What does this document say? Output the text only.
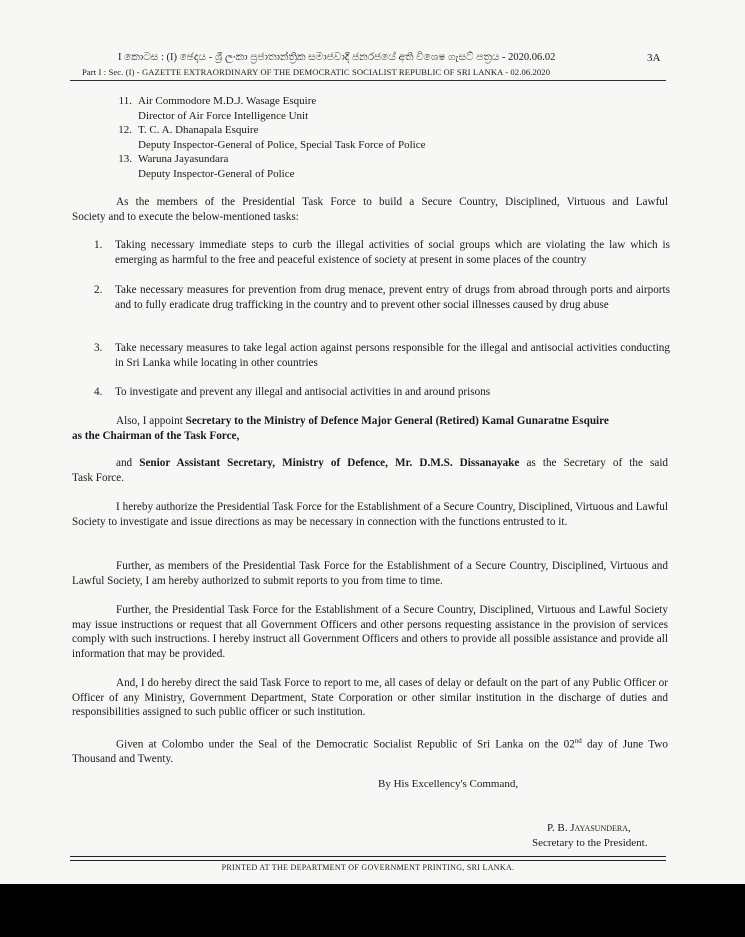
I කොටස : (I) ඡෙදය - ශ්‍රී ලංකා ප්‍රජාතාන්ත්‍රික සමාජවාදී ජනරජයේ අති විශෙෂ ගැසට් පත්‍රය - 2020.06.02	3A
Part I : Sec. (I) - GAZETTE EXTRAORDINARY OF THE DEMOCRATIC SOCIALIST REPUBLIC OF SRI LANKA - 02.06.2020
11. Air Commodore M.D.J. Wasage Esquire
Director of Air Force Intelligence Unit
12. T. C. A. Dhanapala Esquire
Deputy Inspector-General of Police, Special Task Force of Police
13. Waruna Jayasundara
Deputy Inspector-General of Police
As the members of the Presidential Task Force to build a Secure Country, Disciplined, Virtuous and Lawful
Society and to execute the below-mentioned tasks:
1. Taking necessary immediate steps to curb the illegal activities of social groups which are violating the law which is emerging as harmful to the free and peaceful existence of society at present in some places of the country
2. Take necessary measures for prevention from drug menace, prevent entry of drugs from abroad through ports and airports and to fully eradicate drug trafficking in the country and to prevent other social illnesses caused by drug abuse
3. Take necessary measures to take legal action against persons responsible for the illegal and antisocial activities conducting in Sri Lanka while locating in other countries
4. To investigate and prevent any illegal and antisocial activities in and around prisons
Also, I appoint Secretary to the Ministry of Defence Major General (Retired) Kamal Gunaratne Esquire
as the Chairman of the Task Force,
and Senior Assistant Secretary, Ministry of Defence, Mr. D.M.S. Dissanayake as the Secretary of the said
Task Force.
I hereby authorize the Presidential Task Force for the Establishment of a Secure Country, Disciplined, Virtuous and Lawful Society to investigate and issue directions as may be necessary in connection with the functions entrusted to it.
Further, as members of the Presidential Task Force for the Establishment of a Secure Country, Disciplined, Virtuous and Lawful Society, I am hereby authorized to submit reports to you from time to time.
Further, the Presidential Task Force for the Establishment of a Secure Country, Disciplined, Virtuous and Lawful Society may issue instructions or request that all Government Officers and other persons requesting assistance in the provision of services comply with such instructions. I hereby instruct all Government Officers and others to provide all possible assistance and provide all information that may be provided.
And, I do hereby direct the said Task Force to report to me, all cases of delay or default on the part of any Public Officer or Officer of any Ministry, Government Department, State Corporation or other similar institution in the discharge of duties and responsibilities assigned to such public officer or such institution.
Given at Colombo under the Seal of the Democratic Socialist Republic of Sri Lanka on the 02nd day of June Two
Thousand and Twenty.
By His Excellency's Command,
P. B. Jayasundera,
Secretary to the President.
PRINTED AT THE DEPARTMENT OF GOVERNMENT PRINTING, SRI LANKA.
